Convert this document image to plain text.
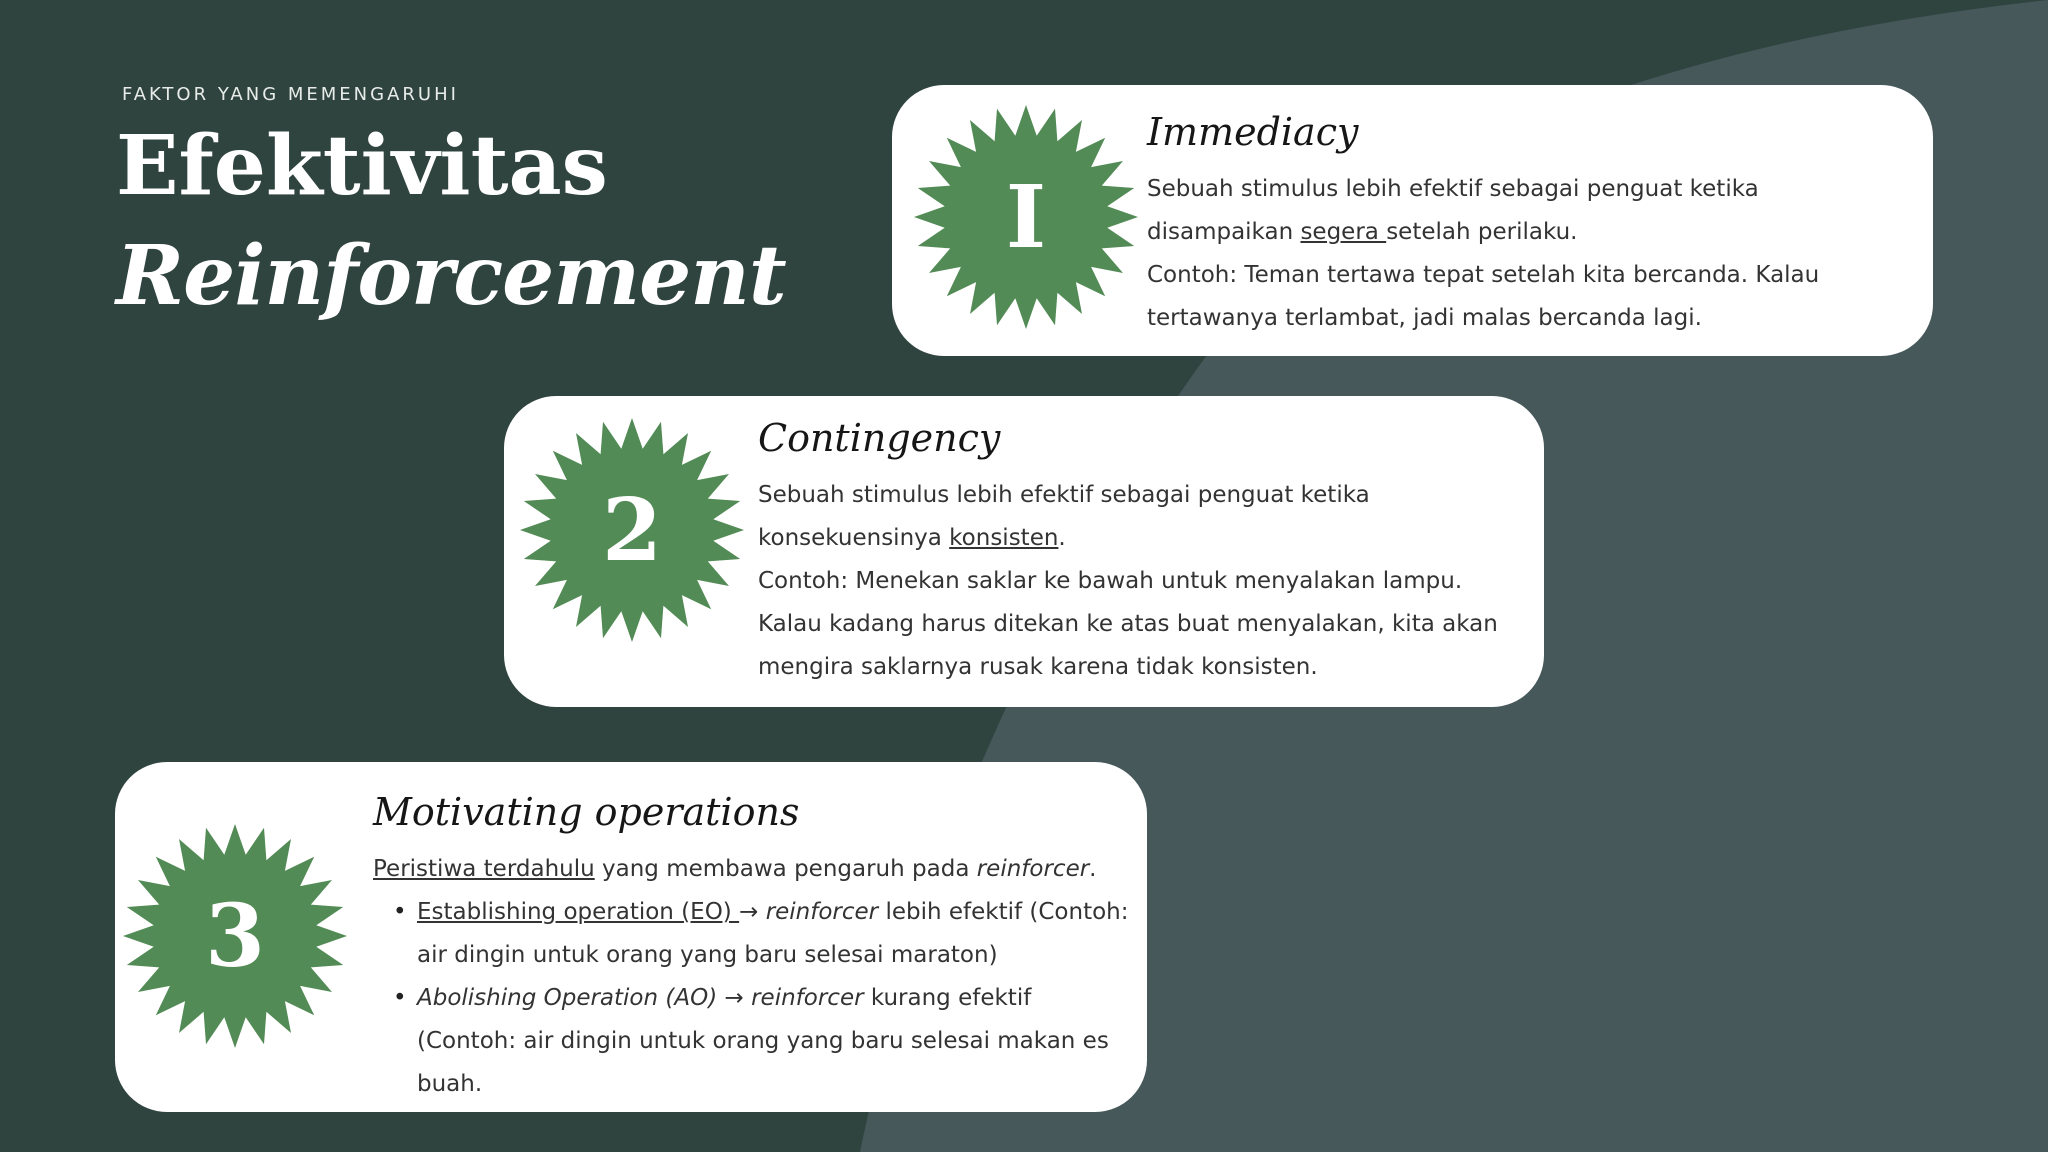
FAKTOR YANG MEMENGARUHI
Efektivitas
Reinforcement
I
Immediacy

Sebuah stimulus lebih efektif sebagai penguat ketika disampaikan segera setelah perilaku.

Contoh: Teman tertawa tepat setelah kita bercanda. Kalau tertawanya terlambat, jadi malas bercanda lagi.

2
Contingency

Sebuah stimulus lebih efektif sebagai penguat ketika konsekuensinya konsisten.

Contoh: Menekan saklar ke bawah untuk menyalakan lampu. Kalau kadang harus ditekan ke atas buat menyalakan, kita akan mengira saklarnya rusak karena tidak konsisten.

3
Motivating operations

Peristiwa terdahulu yang membawa pengaruh pada reinforcer.

• Establishing operation (EO) → reinforcer lebih efektif (Contoh: air dingin untuk orang yang baru selesai maraton)
• Abolishing Operation (AO) → reinforcer kurang efektif (Contoh: air dingin untuk orang yang baru selesai makan es buah.
